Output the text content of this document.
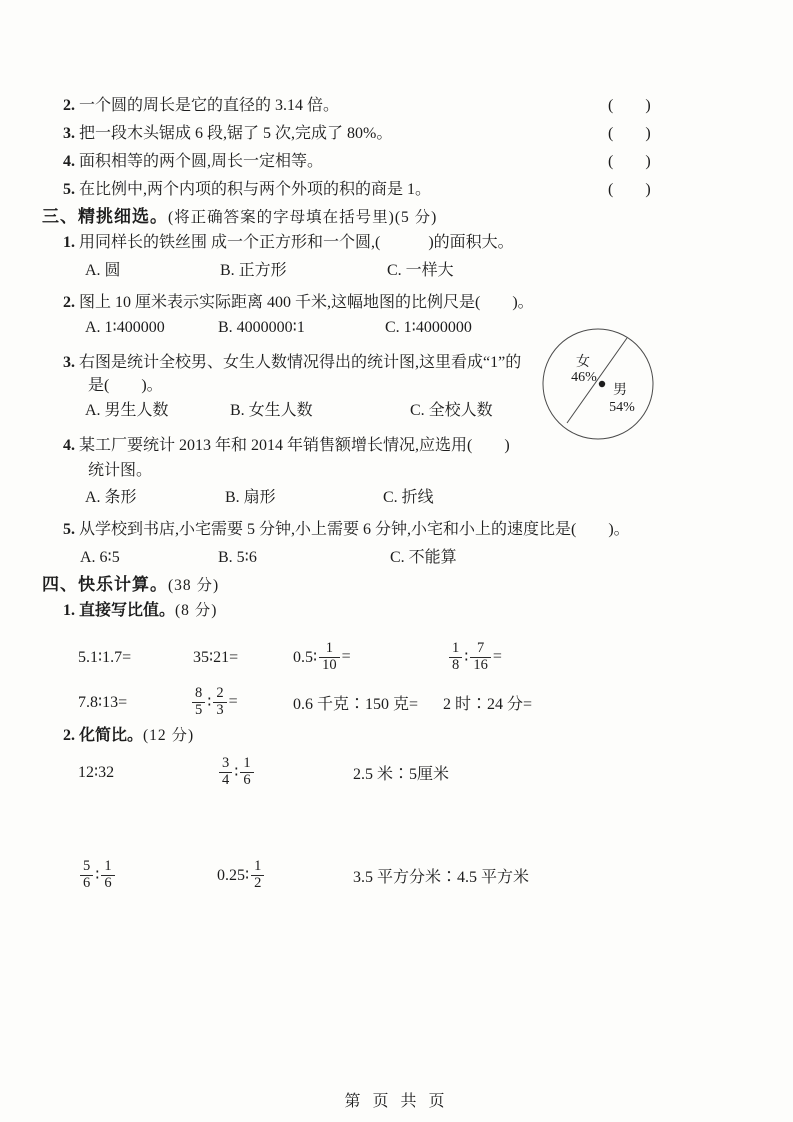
2. 一个圆的周长是它的直径的 3.14 倍。	(　　)
3. 把一段木头锯成 6 段,锯了 5 次,完成了 80%。	(　　)
4. 面积相等的两个圆,周长一定相等。	(　　)
5. 在比例中,两个内项的积与两个外项的积的商是 1。	(　　)
三、精挑细选。(将正确答案的字母填在括号里)(5 分)
1. 用同样长的铁丝围 成一个正方形和一个圆,(　　　)的面积大。
A. 圆	B. 正方形	C. 一样大
2. 图上 10 厘米表示实际距离 400 千米,这幅地图的比例尺是(　　)。
A. 1∶400000	B. 4000000∶1	C. 1∶4000000
3. 右图是统计全校男、女生人数情况得出的统计图,这里看成“1”的
是(　　)。
A. 男生人数	B. 女生人数	C. 全校人数
女
46%
男
54%
4. 某工厂要统计 2013 年和 2014 年销售额增长情况,应选用(　　)
统计图。
A. 条形	B. 扇形	C. 折线
5. 从学校到书店,小宅需要 5 分钟,小上需要 6 分钟,小宅和小上的速度比是(　　)。
A. 6∶5	B. 5∶6	C. 不能算
四、快乐计算。(38 分)
1. 直接写比值。(8 分)
5.1∶1.7=	35∶21=	0.5∶ $\frac{1}{10}$ =	$\frac{1}{8}$ ∶ $\frac{7}{16}$ =
7.8∶13=	$\frac{8}{5}$ ∶ $\frac{2}{3}$ =	0.6 千克∶150 克= 2 时∶24 分=
2. 化简比。(12 分)
12∶32	$\frac{3}{4}$ ∶ $\frac{1}{6}$	2.5 米∶5厘米
$\frac{5}{6}$ ∶ $\frac{1}{6}$	0.25∶ $\frac{1}{2}$	3.5 平方分米∶4.5 平方米
第 页 共 页
